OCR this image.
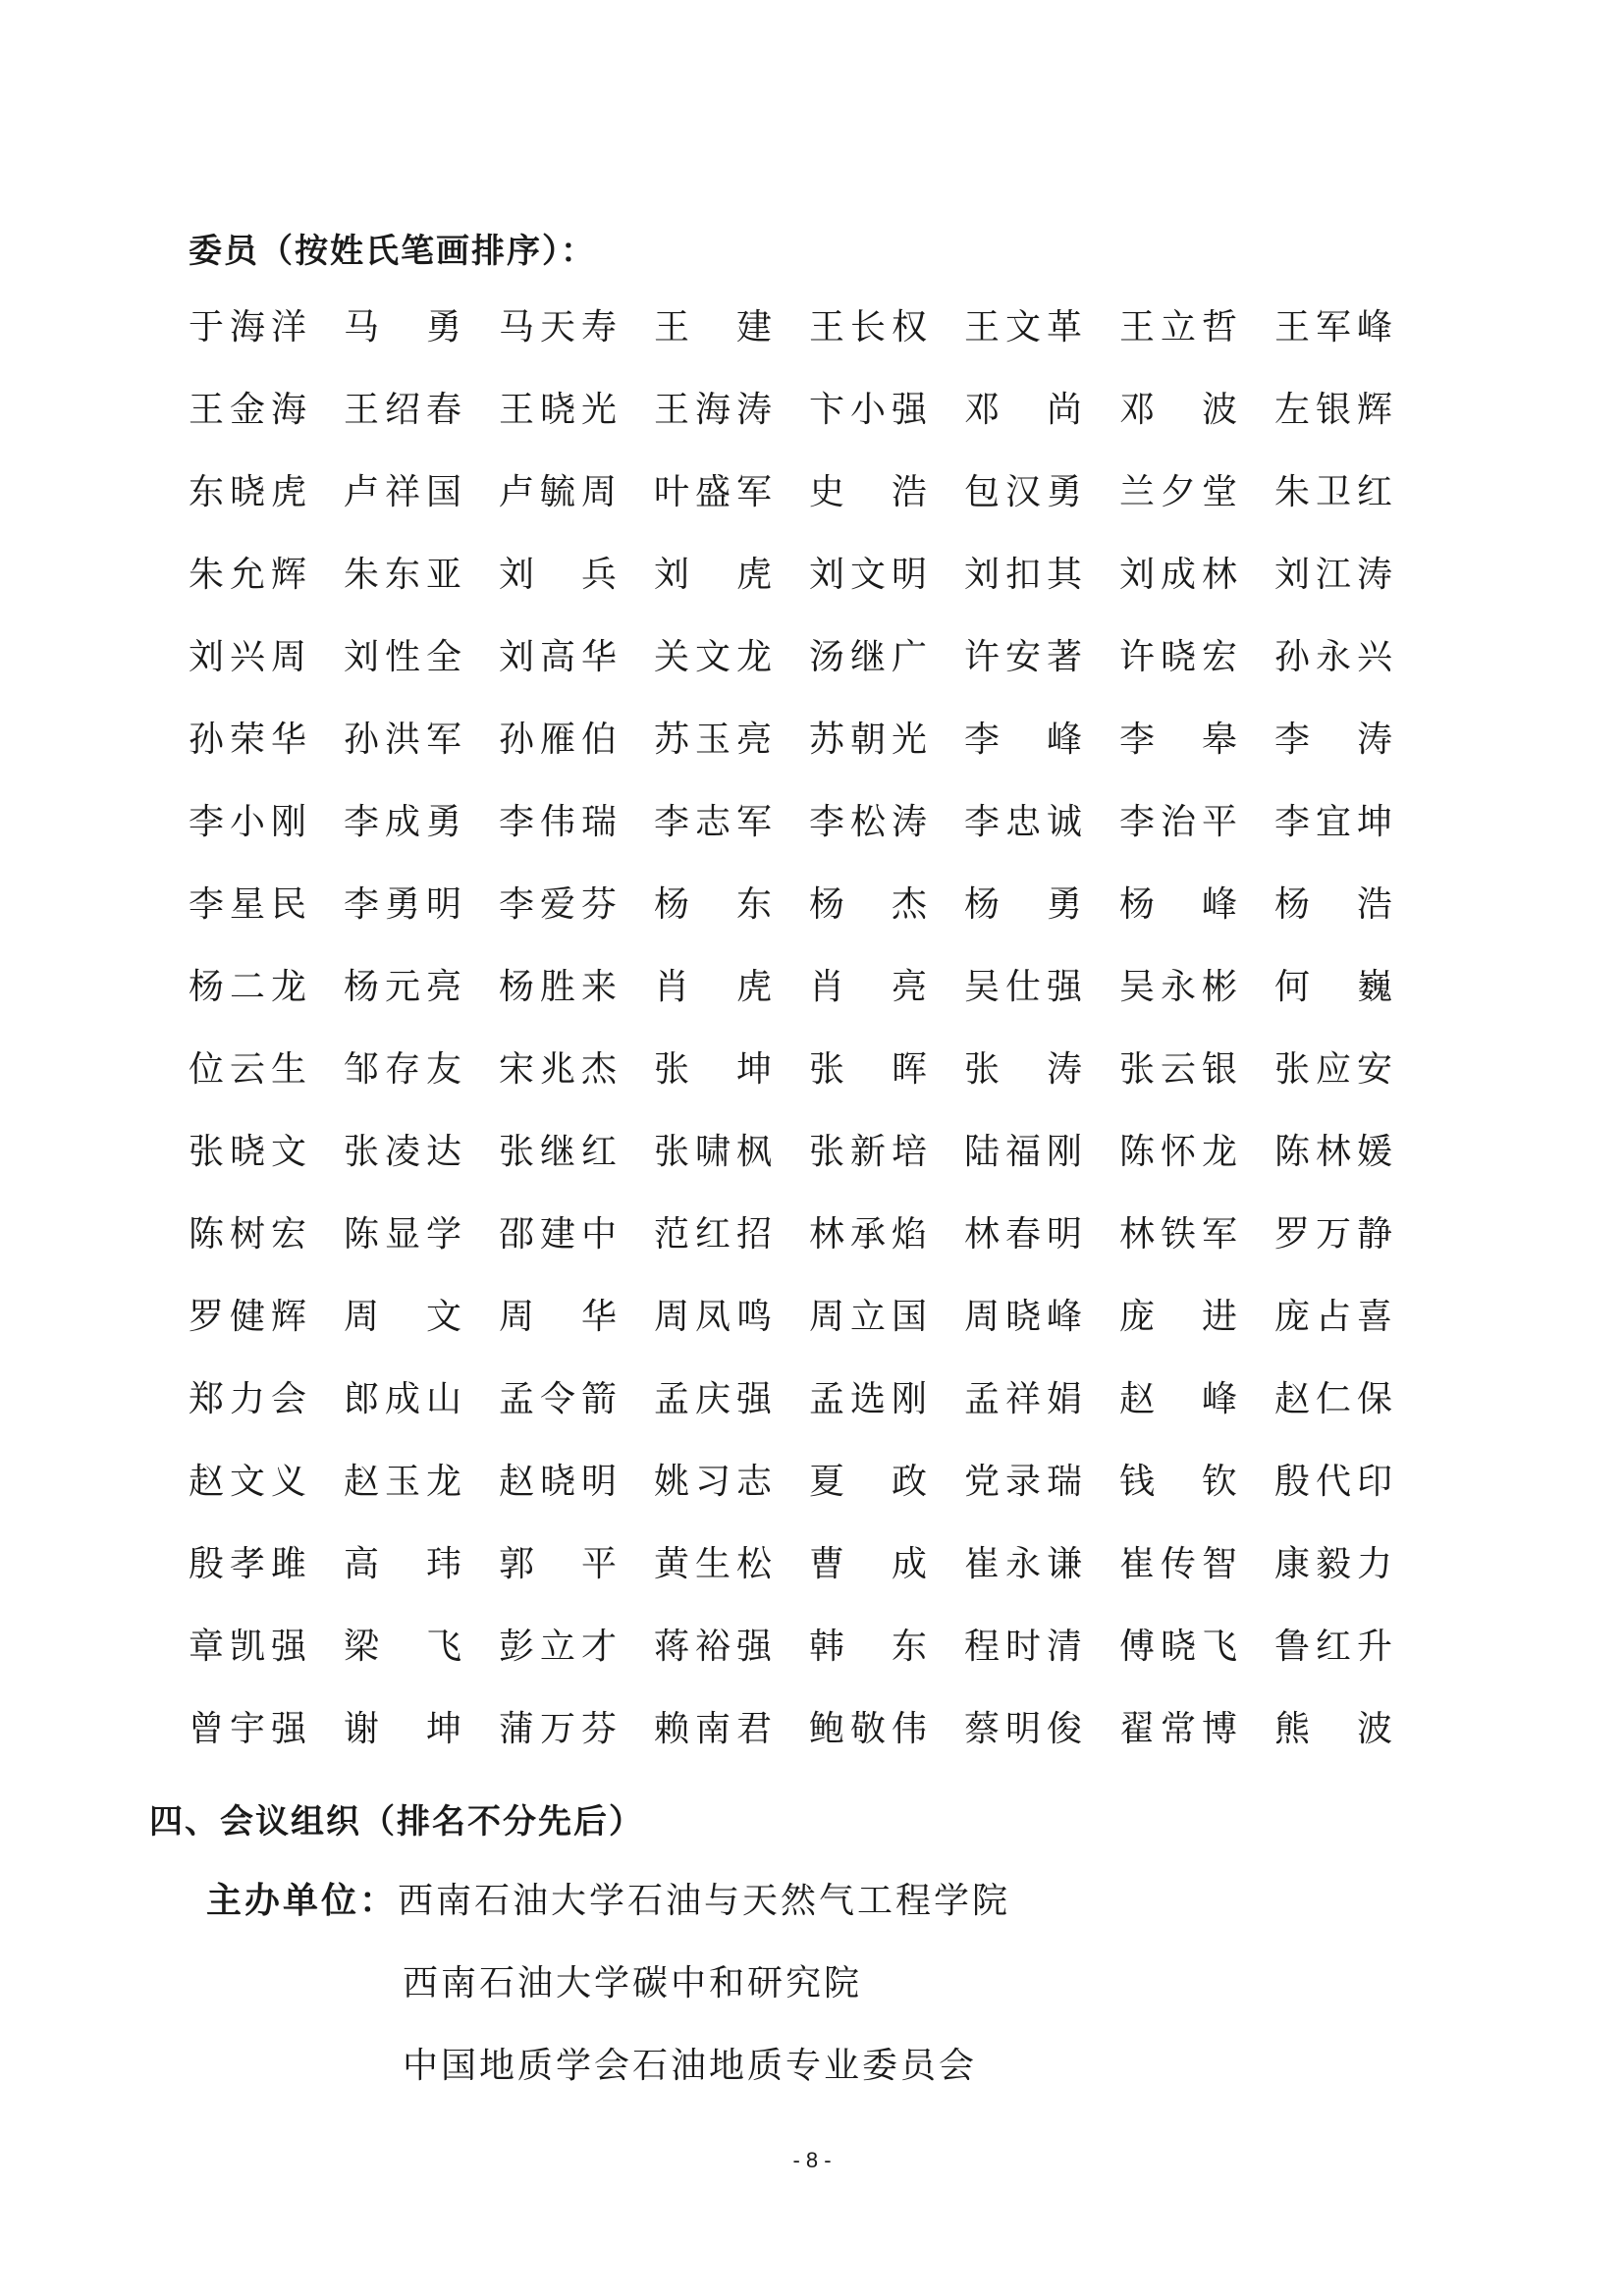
委员（按姓氏笔画排序）：
于 海 洋 马 勇 马 天 寿 王 建 王 长 权 王 文 革 王 立 哲 王 军 峰
王 金 海 王 绍 春 王 晓 光 王 海 涛 卞 小 强 邓 尚 邓 波 左 银 辉
东 晓 虎 卢 祥 国 卢 毓 周 叶 盛 军 史 浩 包 汉 勇 兰 夕 堂 朱 卫 红
朱 允 辉 朱 东 亚 刘 兵 刘 虎 刘 文 明 刘 扣 其 刘 成 林 刘 江 涛
刘 兴 周 刘 性 全 刘 高 华 关 文 龙 汤 继 广 许 安 著 许 晓 宏 孙 永 兴
孙 荣 华 孙 洪 军 孙 雁 伯 苏 玉 亮 苏 朝 光 李 峰 李 皋 李 涛
李 小 刚 李 成 勇 李 伟 瑞 李 志 军 李 松 涛 李 忠 诚 李 治 平 李 宜 坤
李 星 民 李 勇 明 李 爱 芬 杨 东 杨 杰 杨 勇 杨 峰 杨 浩
杨 二 龙 杨 元 亮 杨 胜 来 肖 虎 肖 亮 吴 仕 强 吴 永 彬 何 巍
位 云 生 邹 存 友 宋 兆 杰 张 坤 张 晖 张 涛 张 云 银 张 应 安
张 晓 文 张 凌 达 张 继 红 张 啸 枫 张 新 培 陆 福 刚 陈 怀 龙 陈 林 媛
陈 树 宏 陈 显 学 邵 建 中 范 红 招 林 承 焰 林 春 明 林 铁 军 罗 万 静
罗 健 辉 周 文 周 华 周 凤 鸣 周 立 国 周 晓 峰 庞 进 庞 占 喜
郑 力 会 郎 成 山 孟 令 箭 孟 庆 强 孟 选 刚 孟 祥 娟 赵 峰 赵 仁 保
赵 文 义 赵 玉 龙 赵 晓 明 姚 习 志 夏 政 党 录 瑞 钱 钦 殷 代 印
殷 孝 雎 高 玮 郭 平 黄 生 松 曹 成 崔 永 谦 崔 传 智 康 毅 力
章 凯 强 梁 飞 彭 立 才 蒋 裕 强 韩 东 程 时 清 傅 晓 飞 鲁 红 升
曾 宇 强 谢 坤 蒲 万 芬 赖 南 君 鲍 敬 伟 蔡 明 俊 翟 常 博 熊 波
四、会议组织（排名不分先后）
主办单位：西南石油大学石油与天然气工程学院
西南石油大学碳中和研究院
中国地质学会石油地质专业委员会
- 8 -
